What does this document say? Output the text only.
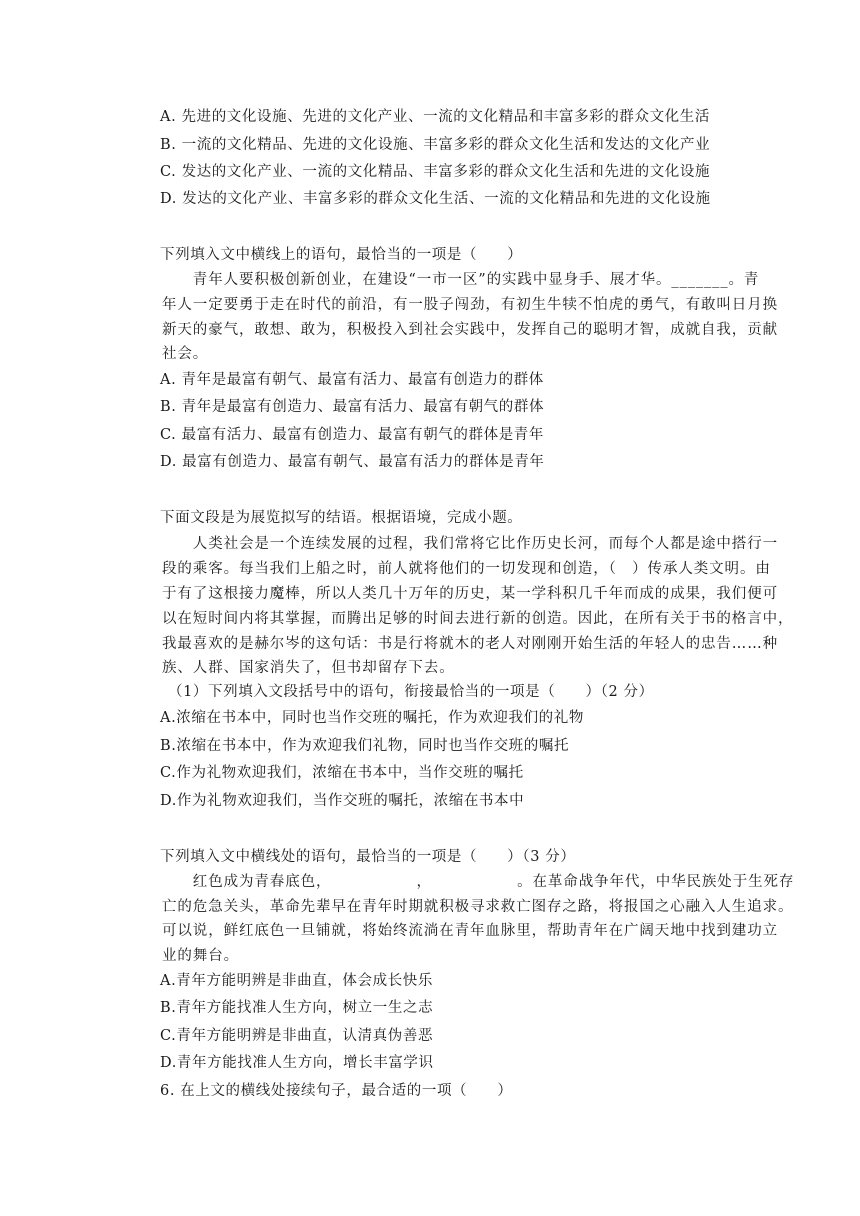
A. 先进的文化设施、先进的文化产业、一流的文化精品和丰富多彩的群众文化生活
B. 一流的文化精品、先进的文化设施、丰富多彩的群众文化生活和发达的文化产业
C. 发达的文化产业、一流的文化精品、丰富多彩的群众文化生活和先进的文化设施
D. 发达的文化产业、丰富多彩的群众文化生活、一流的文化精品和先进的文化设施
下列填入文中横线上的语句，最恰当的一项是（　　）
　　青年人要积极创新创业，在建设“一市一区”的实践中显身手、展才华。_______。青
年人一定要勇于走在时代的前沿，有一股子闯劲，有初生牛犊不怕虎的勇气，有敢叫日月换
新天的豪气，敢想、敢为，积极投入到社会实践中，发挥自己的聪明才智，成就自我，贡献
社会。
A. 青年是最富有朝气、最富有活力、最富有创造力的群体
B. 青年是最富有创造力、最富有活力、最富有朝气的群体
C. 最富有活力、最富有创造力、最富有朝气的群体是青年
D. 最富有创造力、最富有朝气、最富有活力的群体是青年
下面文段是为展览拟写的结语。根据语境，完成小题。
　　人类社会是一个连续发展的过程，我们常将它比作历史长河，而每个人都是途中搭行一
段的乘客。每当我们上船之时，前人就将他们的一切发现和创造，（　）传承人类文明。由
于有了这根接力魔棒，所以人类几十万年的历史，某一学科积几千年而成的成果，我们便可
以在短时间内将其掌握，而腾出足够的时间去进行新的创造。因此，在所有关于书的格言中，
我最喜欢的是赫尔岑的这句话：书是行将就木的老人对刚刚开始生活的年轻人的忠告……种
族、人群、国家消失了，但书却留存下去。
（1）下列填入文段括号中的语句，衔接最恰当的一项是（　　）（2 分）
A.浓缩在书本中，同时也当作交班的嘱托，作为欢迎我们的礼物
B.浓缩在书本中，作为欢迎我们礼物，同时也当作交班的嘱托
C.作为礼物欢迎我们，浓缩在书本中，当作交班的嘱托
D.作为礼物欢迎我们，当作交班的嘱托，浓缩在书本中
下列填入文中横线处的语句，最恰当的一项是（　　）（3 分）
　　红色成为青春底色，　　　　　　，　　　　　　。在革命战争年代，中华民族处于生死存
亡的危急关头，革命先辈早在青年时期就积极寻求救亡图存之路，将报国之心融入人生追求。
可以说，鲜红底色一旦铺就，将始终流淌在青年血脉里，帮助青年在广阔天地中找到建功立
业的舞台。
A.青年方能明辨是非曲直，体会成长快乐
B.青年方能找准人生方向，树立一生之志
C.青年方能明辨是非曲直，认清真伪善恶
D.青年方能找准人生方向，增长丰富学识
6. 在上文的横线处接续句子，最合适的一项（　　）
